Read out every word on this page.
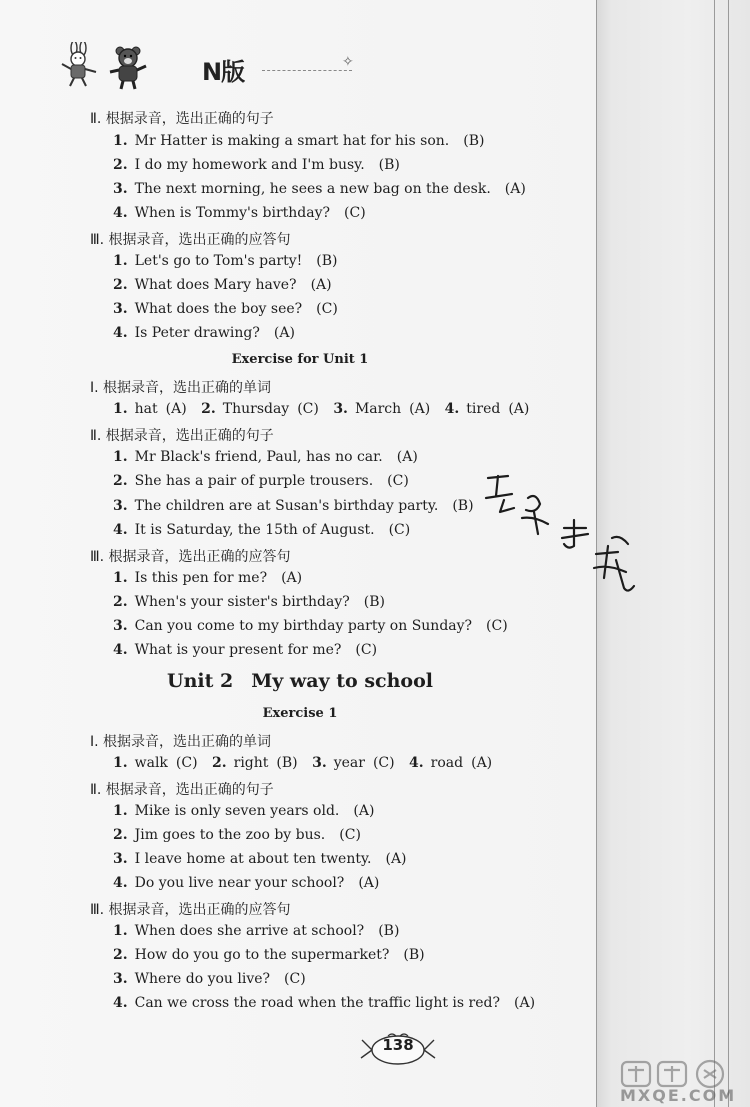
N版	✧
Ⅱ. 根据录音，选出正确的句子
1. Mr Hatter is making a smart hat for his son. (B)
2. I do my homework and I'm busy. (B)
3. The next morning, he sees a new bag on the desk. (A)
4. When is Tommy's birthday? (C)
Ⅲ. 根据录音，选出正确的应答句
1. Let's go to Tom's party! (B)
2. What does Mary have? (A)
3. What does the boy see? (C)
4. Is Peter drawing? (A)
Exercise for Unit 1
Ⅰ. 根据录音，选出正确的单词
1. hat (A) 2. Thursday (C) 3. March (A) 4. tired (A)
Ⅱ. 根据录音，选出正确的句子
1. Mr Black's friend, Paul, has no car. (A)
2. She has a pair of purple trousers. (C)
3. The children are at Susan's birthday party. (B)
4. It is Saturday, the 15th of August. (C)
Ⅲ. 根据录音，选出正确的应答句
1. Is this pen for me? (A)
2. When's your sister's birthday? (B)
3. Can you come to my birthday party on Sunday? (C)
4. What is your present for me? (C)
Unit 2 My way to school
Exercise 1
Ⅰ. 根据录音，选出正确的单词
1. walk (C) 2. right (B) 3. year (C) 4. road (A)
Ⅱ. 根据录音，选出正确的句子
1. Mike is only seven years old. (A)
2. Jim goes to the zoo by bus. (C)
3. I leave home at about ten twenty. (A)
4. Do you live near your school? (A)
Ⅲ. 根据录音，选出正确的应答句
1. When does she arrive at school? (B)
2. How do you go to the supermarket? (B)
3. Where do you live? (C)
4. Can we cross the road when the traffic light is red? (A)
138
MXQE.COM
